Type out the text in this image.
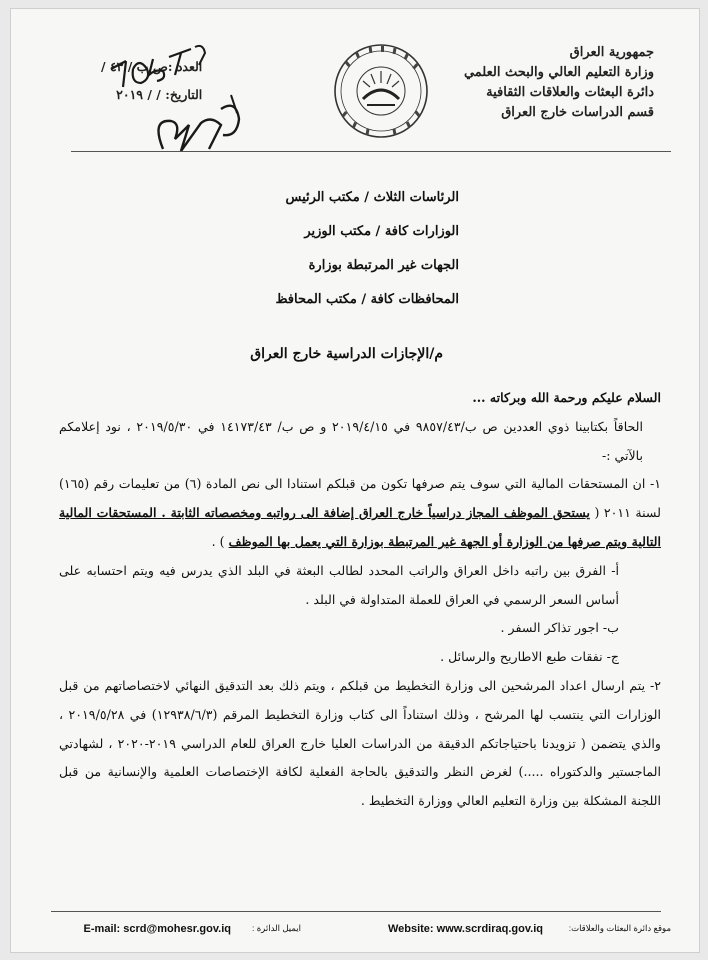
جمهورية العراق
وزارة التعليم العالي والبحث العلمي
دائرة البعثات والعلاقات الثقافية
قسم الدراسات خارج العراق
العدد :ص ب / ٤٣ /
التاريخ: / / ٢٠١٩
الرئاسات الثلاث / مكتب الرئيس
الوزارات كافة / مكتب الوزير
الجهات غير المرتبطة بوزارة
المحافظات كافة / مكتب المحافظ
م/الإجازات الدراسية خارج العراق

السلام عليكم ورحمة الله وبركاته ...

الحاقاً بكتابينا ذوي العددين ص ب/٩٨٥٧/٤٣ في ٢٠١٩/٤/١٥ و ص ب/ ١٤١٧٣/٤٣ في ٢٠١٩/٥/٣٠ ، نود إعلامكم بالآتي :-

١- ان المستحقات المالية التي سوف يتم صرفها تكون من قبلكم استنادا الى نص المادة (٦) من تعليمات رقم (١٦٥) لسنة ٢٠١١ ( يستحق الموظف المجاز دراسياً خارج العراق إضافة الى رواتبه ومخصصاته الثابتة . المستحقات المالية التالية ويتم صرفها من الوزارة أو الجهة غير المرتبطة بوزارة التي يعمل بها الموظف ) .

أ- الفرق بين راتبه داخل العراق والراتب المحدد لطالب البعثة في البلد الذي يدرس فيه ويتم احتسابه على أساس السعر الرسمي في العراق للعملة المتداولة في البلد .

ب- اجور تذاكر السفر .

ج- نفقات طبع الاطاريح والرسائل .

٢- يتم ارسال اعداد المرشحين الى وزارة التخطيط من قبلكم ، ويتم ذلك بعد التدقيق النهائي لاختصاصاتهم من قبل الوزارات التي ينتسب لها المرشح ، وذلك استناداً الى كتاب وزارة التخطيط المرقم (١٢٩٣٨/٦/٣) في ٢٠١٩/٥/٢٨ ، والذي يتضمن ( تزويدنا باحتياجاتكم الدقيقة من الدراسات العليا خارج العراق للعام الدراسي ٢٠١٩-٢٠٢٠ ، لشهادتي الماجستير والدكتوراه .....) لغرض النظر والتدقيق بالحاجة الفعلية لكافة الإختصاصات العلمية والإنسانية من قبل اللجنة المشكلة بين وزارة التعليم العالي ووزارة التخطيط .

موقع دائرة البعثات والعلاقات:
Website: www.scrdiraq.gov.iq
ايميل الدائرة :
E-mail: scrd@mohesr.gov.iq
